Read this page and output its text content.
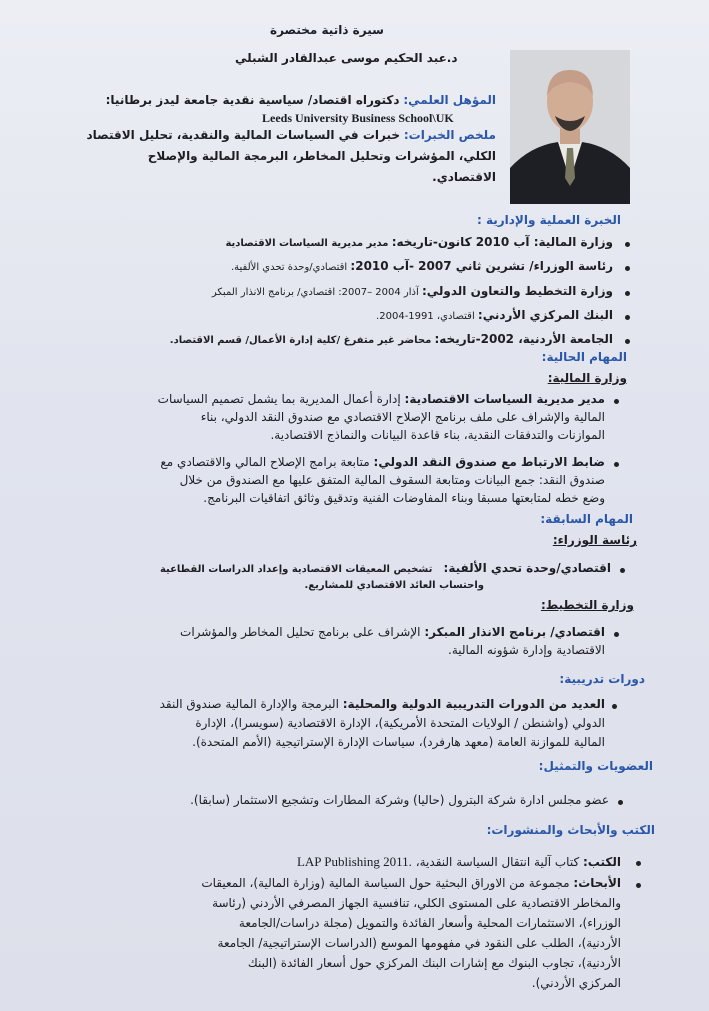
سيرة ذاتية مختصرة
د.عبد الحكيم موسى عبدالقادر الشبلي
المؤهل العلمي: دكتوراه اقتصاد/ سياسية نقدية جامعة ليدز برطانيا:
Leeds University Business School\UK
ملخص الخبرات: خبرات في السياسات المالية والنقدية، تحليل الاقتصاد
الكلي، المؤشرات وتحليل المخاطر، البرمجة المالية والإصلاح
الاقتصادي.
الخبرة العملية والإدارية :
وزارة المالية: آب 2010 كانون-تاريخه: مدير مديرية السياسات الاقتصادية
رئاسة الوزراء/ تشرين ثاني 2007 -آب 2010: اقتصادي/وحدة تحدي الألفية.
وزارة التخطيط والتعاون الدولي: آذار 2004 –2007: اقتصادي/ برنامج الانذار المبكر
البنك المركزي الأردني: اقتصادي، 1991-2004.
الجامعة الأردنية، 2002-تاريخه: محاضر غير متفرغ /كلية إدارة الأعمال/ قسم الاقتصاد.
المهام الحالية:
وزارة المالية:
مدير مديرية السياسات الاقتصادية: إدارة أعمال المديرية بما يشمل تصميم السياسات
المالية والإشراف على ملف برنامج الإصلاح الاقتصادي مع صندوق النقد الدولي، بناء
الموازنات والتدفقات النقدية، بناء قاعدة البيانات والنماذج الاقتصادية.
ضابط الارتباط مع صندوق النقد الدولي: متابعة برامج الإصلاح المالي والاقتصادي مع
صندوق النقد: جمع البيانات ومتابعة السقوف المالية المتفق عليها مع الصندوق من خلال
وضع خطه لمتابعتها مسبقا وبناء المفاوضات الفنية وتدقيق وثائق اتفاقيات البرنامج.
المهام السابقة:
رئاسة الوزراء:
اقتصادي/وحدة تحدي الألفية: تشخيص المعيقات الاقتصادية وإعداد الدراسات القطاعية
واحتساب العائد الاقتصادي للمشاريع.
وزارة التخطيط:
اقتصادي/ برنامج الانذار المبكر: الإشراف على برنامج تحليل المخاطر والمؤشرات
الاقتصادية وإدارة شؤونه المالية.
دورات تدريبية:
العديد من الدورات التدريبية الدولية والمحلية: البرمجة والإدارة المالية صندوق النقد
الدولي (واشنطن / الولايات المتحدة الأمريكية)، الإدارة الاقتصادية (سويسرا)، الإدارة
المالية للموازنة العامة (معهد هارفرد)، سياسات الإدارة الإستراتيجية (الأمم المتحدة).
العضويات والتمثيل:
عضو مجلس ادارة شركة البترول (حاليا) وشركة المطارات وتشجيع الاستثمار (سابقا).
الكتب والأبحاث والمنشورات:
الكتب: كتاب آلية انتقال السياسة النقدية، LAP Publishing 2011.
الأبحاث: مجموعة من الاوراق البحثية حول السياسة المالية (وزارة المالية)، المعيقات
والمخاطر الاقتصادية على المستوى الكلي، تنافسية الجهاز المصرفي الأردني (رئاسة
الوزراء)، الاستثمارات المحلية وأسعار الفائدة والتمويل (مجلة دراسات/الجامعة
الأردنية)، الطلب على النقود في مفهومها الموسع (الدراسات الإستراتيجية/ الجامعة
الأردنية)، تجاوب البنوك مع إشارات البنك المركزي حول أسعار الفائدة (البنك
المركزي الأردني).
